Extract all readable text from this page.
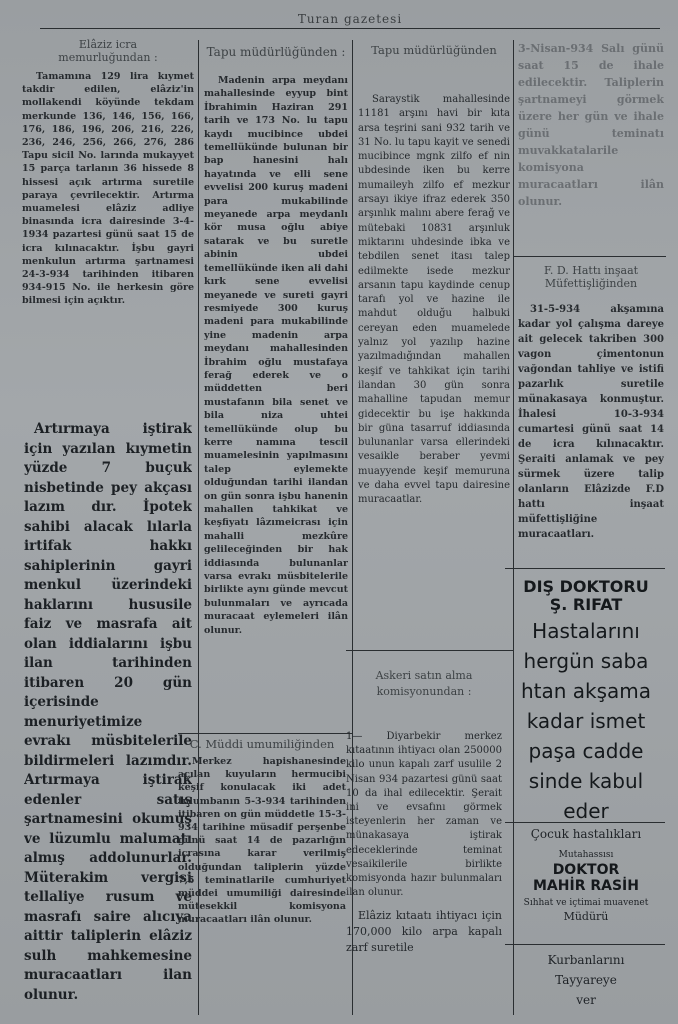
Turan gazetesi
Elâziz icra memurluğundan :
Tamamına 129 lira kıymet takdir edilen, elâziz'in mollakendi köyünde tekdam merkunde 136, 146, 156, 166, 176, 186, 196, 206, 216, 226, 236, 246, 256, 266, 276, 286 Tapu sicil No. larında mukayyet 15 parça tarlanın 36 hissede 8 hissesi açık artırma suretile paraya çevrilecektir. Artırma muamelesi elâziz adliye binasında icra dairesinde 3-4-1934 pazartesi günü saat 15 de icra kılınacaktır. İşbu gayri menkulun artırma şartnamesi 24-3-934 tarihinden itibaren 934-915 No. ile herkesin göre bilmesi için açıktır.
Artırmaya iştirak için yazılan kıymetin yüzde 7 buçuk nisbetinde pey akçası lazım dır. İpotek sahibi alacak lılarla irtifak hakkı sahiplerinin gayri menkul üzerindeki haklarını hususile faiz ve masrafa ait olan iddialarını işbu ilan tarihinden itibaren 20 gün içerisinde menuriyetimize evrakı müsbitelerile bildirmeleri lazımdır. Artırmaya iştirak edenler satış şartnamesini okumuş ve lüzumlu malumatı almış addolunurlar. Müterakim vergisi tellaliye rusum ve masrafı saire alıcıya aittir taliplerin elâziz sulh mahkemesine muracaatları ilan olunur.
Tapu müdürlüğünden :
Madenin arpa meydanı mahallesinde eyyup bint İbrahimin Haziran 291 tarih ve 173 No. lu tapu kaydı mucibince ubdei temellükünde bulunan bir bap hanesini halı hayatında ve elli sene evvelisi 200 kuruş madeni para mukabilinde meyanede arpa meydanlı kör musa oğlu abiye satarak ve bu suretle abinin ubdei temellükünde iken ali dahi kırk sene evvelisi meyanede ve sureti gayri resmiyede 300 kuruş madeni para mukabilinde yine madenin arpa meydanı mahallesinden İbrahim oğlu mustafaya ferağ ederek ve o müddetten beri mustafanın bila senet ve bila niza uhtei temellükünde olup bu kerre namına tescil muamelesinin yapılmasını talep eylemekte olduğundan tarihi ilandan on gün sonra işbu hanenin mahallen tahkikat ve keşfiyatı lâzımeicrası için mahalli mezkûre gelileceğinden bir hak iddiasında bulunanlar varsa evrakı müsbitelerile birlikte aynı günde mevcut bulunmaları ve ayrıcada muracaat eylemeleri ilân olunur.
C. Müddi umumiliğinden
Merkez hapishanesinde açılan kuyuların hermucibi keşif konulacak iki adet tulumbanın 5-3-934 tarihinden itibaren on gün müddetle 15-3-934 tarihine müsadif perşenbe günü saat 14 de pazarlığın icrasına karar verilmiş olduğundan taliplerin yüzde 7,5 teminatlarile cumhuriyet müddei umumiliği dairesinde mütesekkil komisyona muracaatları ilân olunur.
Tapu müdürlüğünden
Saraystik mahallesinde 11181 arşını havi bir kıta arsa teşrini sani 932 tarih ve 31 No. lu tapu kayit ve senedi mucibince mgnk zilfo ef nin ubdesinde iken bu kerre mumaileyh zilfo ef mezkur arsayı ikiye ifraz ederek 350 arşınlık malını abere ferağ ve mütebaki 10831 arşınluk miktarını uhdesinde ibka ve tebdilen senet itası talep edilmekte isede mezkur arsanın tapu kaydinde cenup tarafı yol ve hazine ile mahdut olduğu halbuki cereyan eden muamelede yalnız yol yazılıp hazine yazılmadığından mahallen keşif ve tahkikat için tarihi ilandan 30 gün sonra mahalline tapudan memur gidecektir bu işe hakkında bir güna tasarruf iddiasında bulunanlar varsa ellerindeki vesaikle beraber yevmi muayyende keşif memuruna ve daha evvel tapu dairesine muracaatlar.
Askeri satın alma komisyonundan :
1— Diyarbekir merkez kıtaatının ihtiyacı olan 250000 kilo unun kapalı zarf usulile 2 Nisan 934 pazartesi günü saat 10 da ihal edilecektir. Şerait ini ve evsafını görmek isteyenlerin her zaman ve münakasaya iştirak edeceklerinde teminat vesaikilerile birlikte komisyonda hazır bulunmaları ilan olunur.
Elâziz kıtaatı ihtiyacı için 170,000 kilo arpa kapalı zarf suretile
3-Nisan-934 Salı günü saat 15 de ihale edilecektir. Taliplerin şartnameyi görmek üzere her gün ve ihale günü teminatı muvakkatalarile komisyona muracaatları ilân olunur.
F. D. Hattı inşaat Müfettişliğinden
31-5-934 akşamına kadar yol çalışma dareye ait gelecek takriben 300 vagon çimentonun vağondan tahliye ve istifi pazarlık suretile münakasaya konmuştur. İhalesi 10-3-934 cumartesi günü saat 14 de icra kılınacaktır. Şeraiti anlamak ve pey sürmek üzere talip olanların Elâzizde F.D hattı inşaat müfettişliğine muracaatları.
DIŞ DOKTORU
Ş. RIFAT
Hastalarını
hergün saba
htan akşama
kadar ismet
paşa cadde
sinde kabul
eder
Çocuk hastalıkları
Mutahassısı
DOKTOR
MAHİR RASİH
Sıhhat ve içtimai muavenet
Müdürü
Kurbanlarını
Tayyareye
ver
